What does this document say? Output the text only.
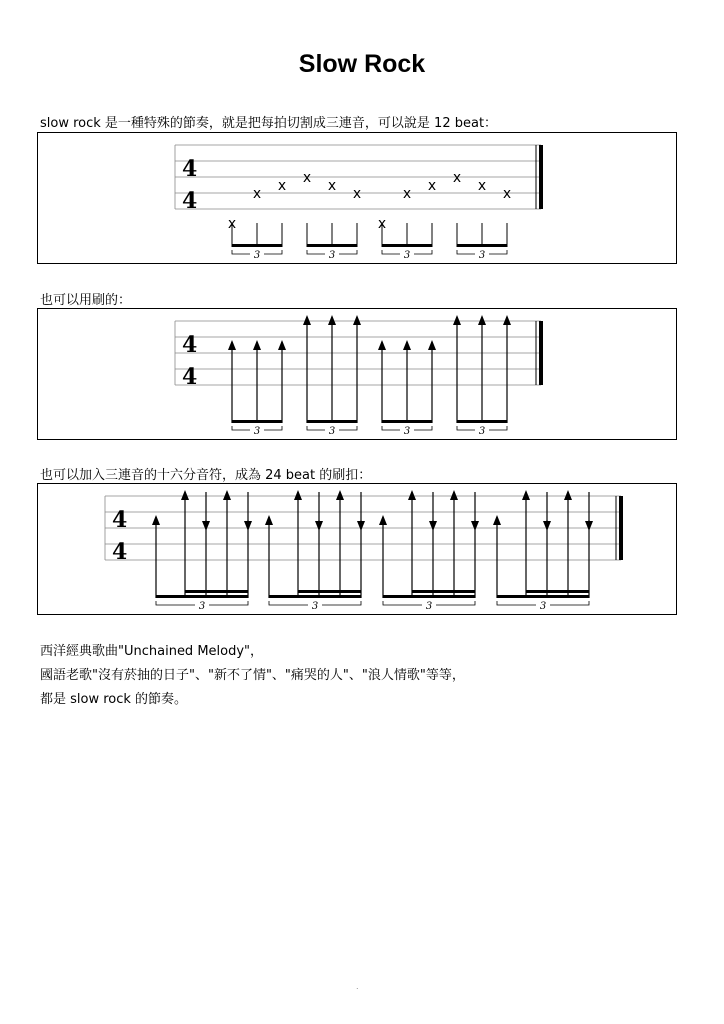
Slow Rock
slow rock 是一種特殊的節奏，就是把每拍切割成三連音，可以說是 12 beat：
4
4
x
x x x x x
x
x x x x x
3	3	3	3
也可以用刷的：
4
4
3	3	3	3
也可以加入三連音的十六分音符，成為 24 beat 的刷扣：
4
4
3	3	3	3
西洋經典歌曲"Unchained Melody"，
國語老歌"沒有菸抽的日子"、"新不了情"、"痛哭的人"、"浪人情歌"等等，
都是 slow rock 的節奏。
.
